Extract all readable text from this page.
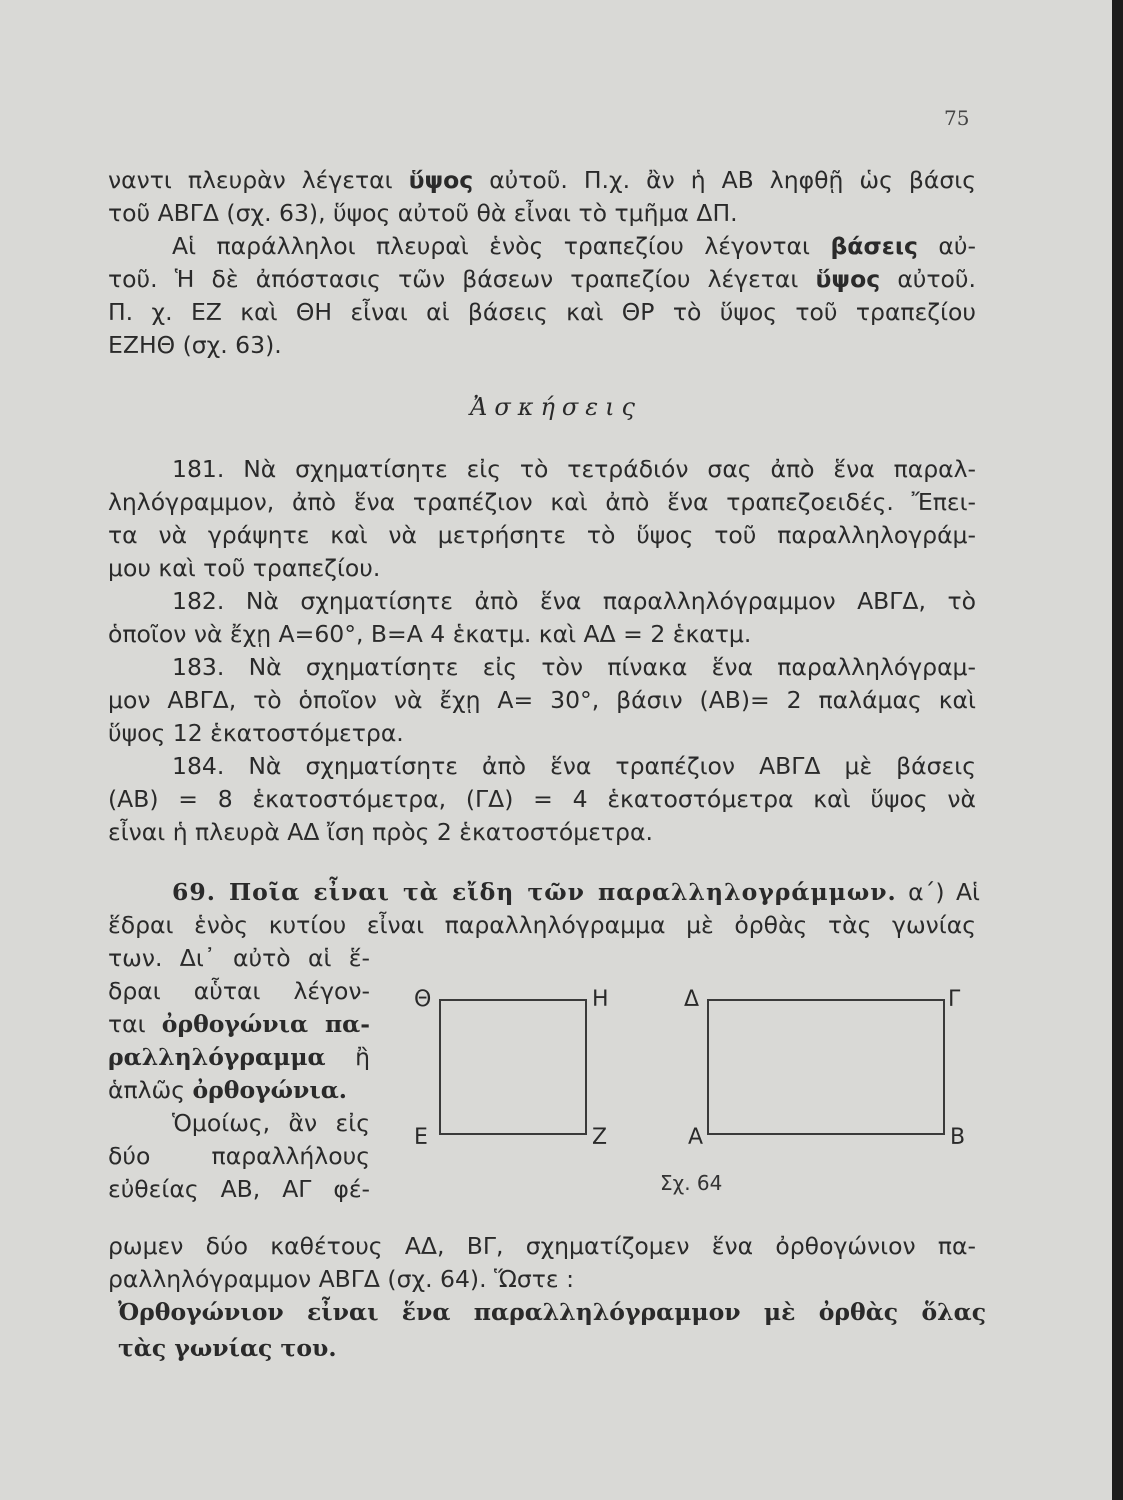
75
ναντι πλευρὰν λέγεται ὕψος αὐτοῦ. Π.χ. ἂν ἡ ΑΒ ληφθῇ ὡς βάσις
τοῦ ΑΒΓΔ (σχ. 63), ὕψος αὐτοῦ θὰ εἶναι τὸ τμῆμα ΔΠ.
Αἱ παράλληλοι πλευραὶ ἑνὸς τραπεζίου λέγονται βάσεις αὐ-
τοῦ. Ἡ δὲ ἀπόστασις τῶν βάσεων τραπεζίου λέγεται ὕψος αὐτοῦ.
Π. χ. ΕΖ καὶ ΘΗ εἶναι αἱ βάσεις καὶ ΘΡ τὸ ὕψος τοῦ τραπεζίου
ΕΖΗΘ (σχ. 63).
Ἀσκήσεις
181. Νὰ σχηματίσητε εἰς τὸ τετράδιόν σας ἀπὸ ἕνα παραλ-
ληλόγραμμον, ἀπὸ ἕνα τραπέζιον καὶ ἀπὸ ἕνα τραπεζοειδές. Ἔπει-
τα νὰ γράψητε καὶ νὰ μετρήσητε τὸ ὕψος τοῦ παραλληλογράμ-
μου καὶ τοῦ τραπεζίου.
182. Νὰ σχηματίσητε ἀπὸ ἕνα παραλληλόγραμμον ΑΒΓΔ, τὸ
ὁποῖον νὰ ἔχῃ Α=60°, Β=Α 4 ἑκατμ. καὶ ΑΔ = 2 ἑκατμ.
183. Νὰ σχηματίσητε εἰς τὸν πίνακα ἕνα παραλληλόγραμ-
μον ΑΒΓΔ, τὸ ὁποῖον νὰ ἔχῃ Α= 30°, βάσιν (ΑΒ)= 2 παλάμας καὶ
ὕψος 12 ἑκατοστόμετρα.
184. Νὰ σχηματίσητε ἀπὸ ἕνα τραπέζιον ΑΒΓΔ μὲ βάσεις
(ΑΒ) = 8 ἑκατοστόμετρα, (ΓΔ) = 4 ἑκατοστόμετρα καὶ ὕψος νὰ
εἶναι ἡ πλευρὰ ΑΔ ἴση πρὸς 2 ἑκατοστόμετρα.
69. Ποῖα εἶναι τὰ εἴδη τῶν παραλληλογράμμων. α΄) Αἱ
ἕδραι ἑνὸς κυτίου εἶναι παραλληλόγραμμα μὲ ὀρθὰς τὰς γωνίας
των. Δι᾿ αὐτὸ αἱ ἕ-
δραι αὗται λέγον-
ται ὀρθογώνια πα-
ραλληλόγραμμα ἢ
ἁπλῶς ὀρθογώνια.
Ὁμοίως, ἂν εἰς
δύο παραλλήλους
εὐθείας ΑΒ, ΑΓ φέ-
ρωμεν δύο καθέτους ΑΔ, ΒΓ, σχηματίζομεν ἕνα ὀρθογώνιον πα-
ραλληλόγραμμον ΑΒΓΔ (σχ. 64). Ὥστε :
Ὀρθογώνιον εἶναι ἕνα παραλληλόγραμμον μὲ ὀρθὰς ὅλας
τὰς γωνίας του.
Θ	Η
Ε	Ζ
Δ	Γ
Α	Β
Σχ. 64
